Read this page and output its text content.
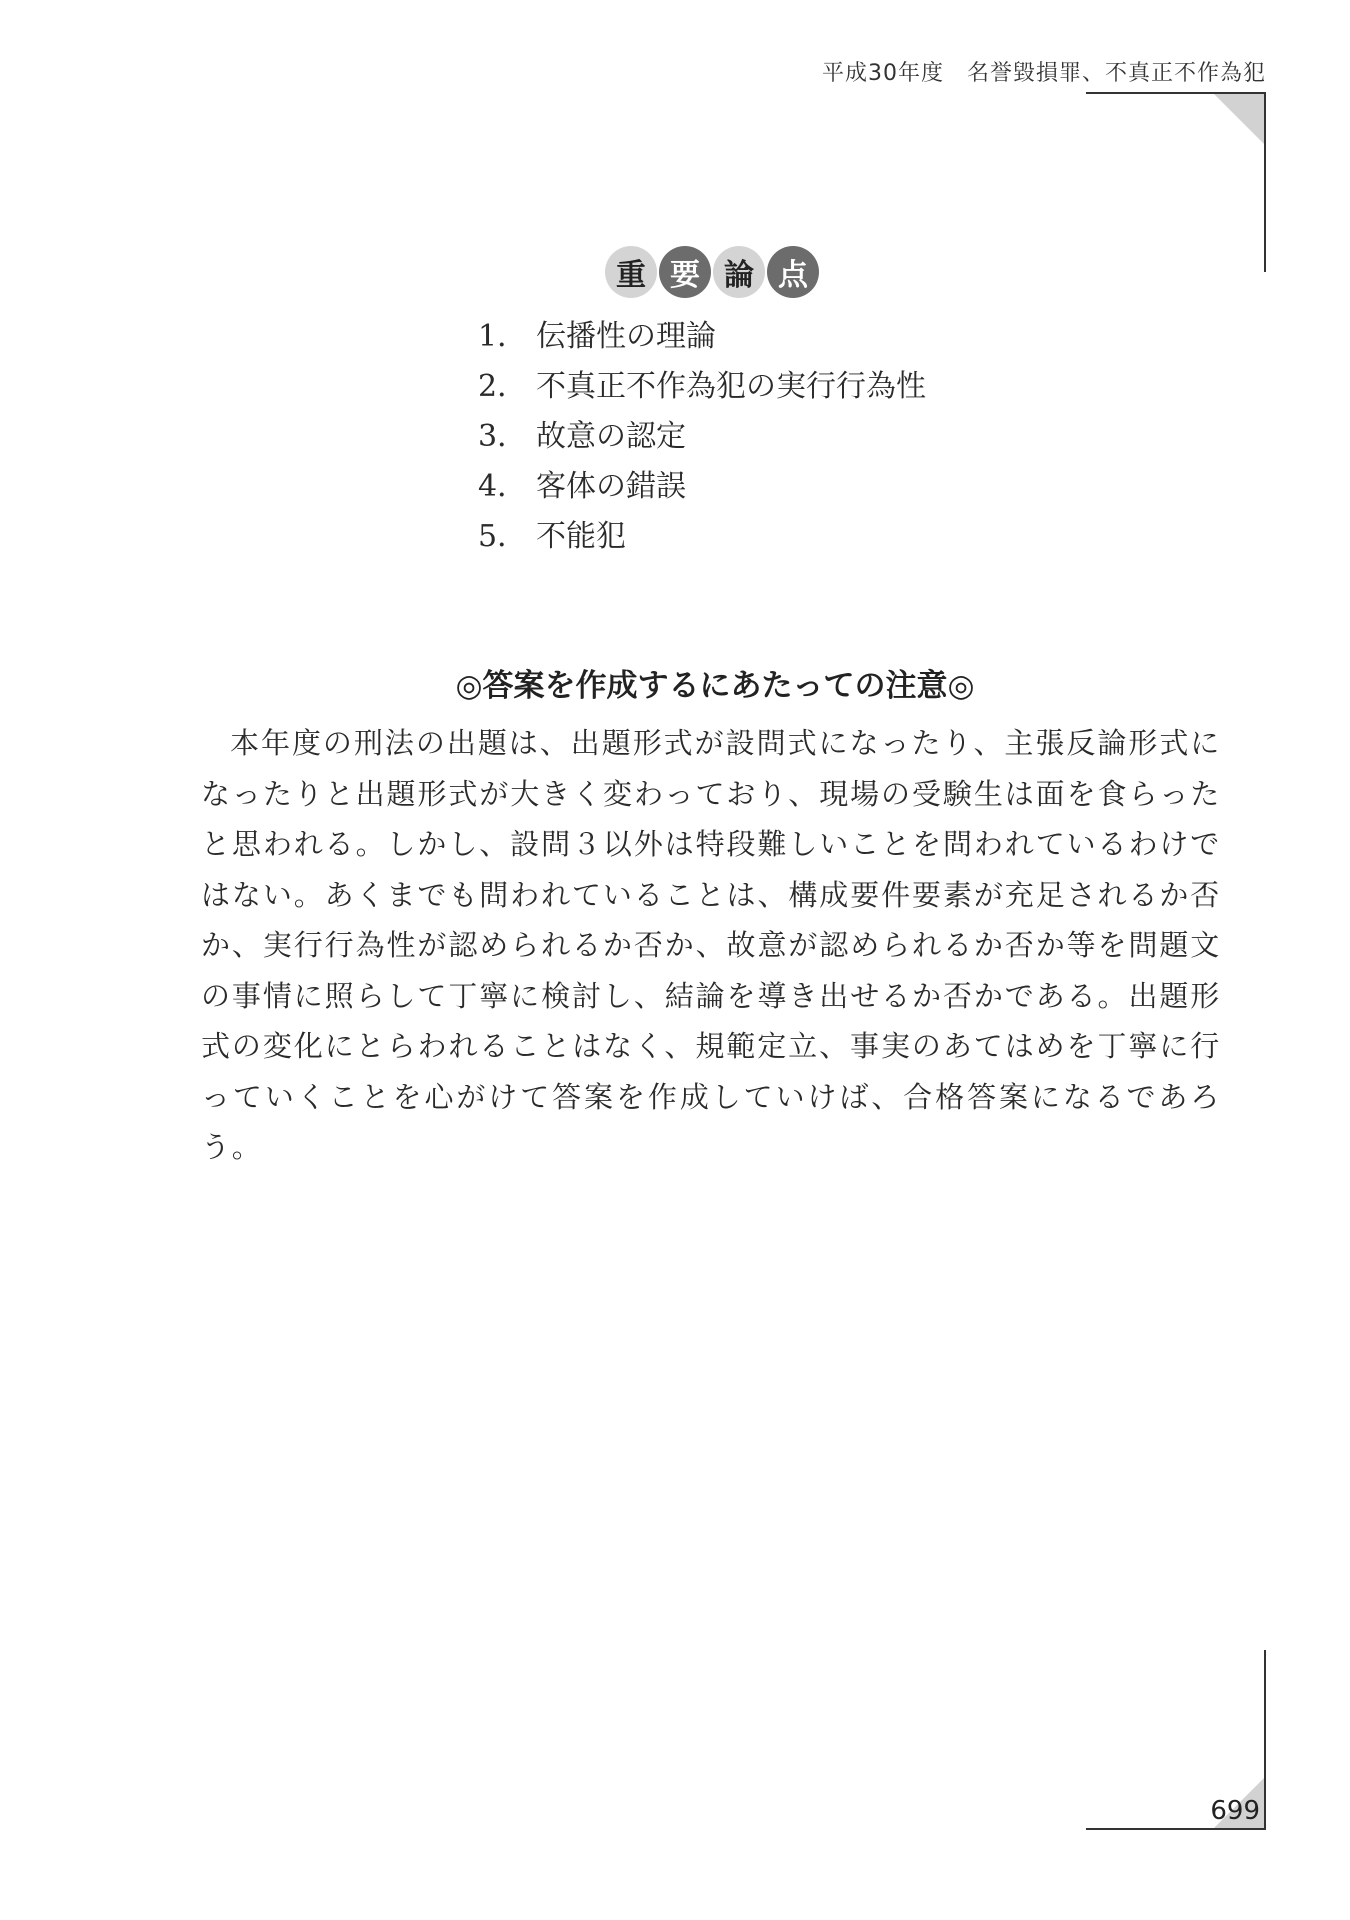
平成30年度　名誉毀損罪、不真正不作為犯
重 要 論 点
1． 伝播性の理論
2． 不真正不作為犯の実行行為性
3． 故意の認定
4． 客体の錯誤
5． 不能犯
◎答案を作成するにあたっての注意◎

本年度の刑法の出題は、出題形式が設問式になったり、主張反論形式になったりと出題形式が大きく変わっており、現場の受験生は面を食らったと思われる。しかし、設問３以外は特段難しいことを問われているわけではない。あくまでも問われていることは、構成要件要素が充足されるか否か、実行行為性が認められるか否か、故意が認められるか否か等を問題文の事情に照らして丁寧に検討し、結論を導き出せるか否かである。出題形式の変化にとらわれることはなく、規範定立、事実のあてはめを丁寧に行っていくことを心がけて答案を作成していけば、合格答案になるであろう。

699
